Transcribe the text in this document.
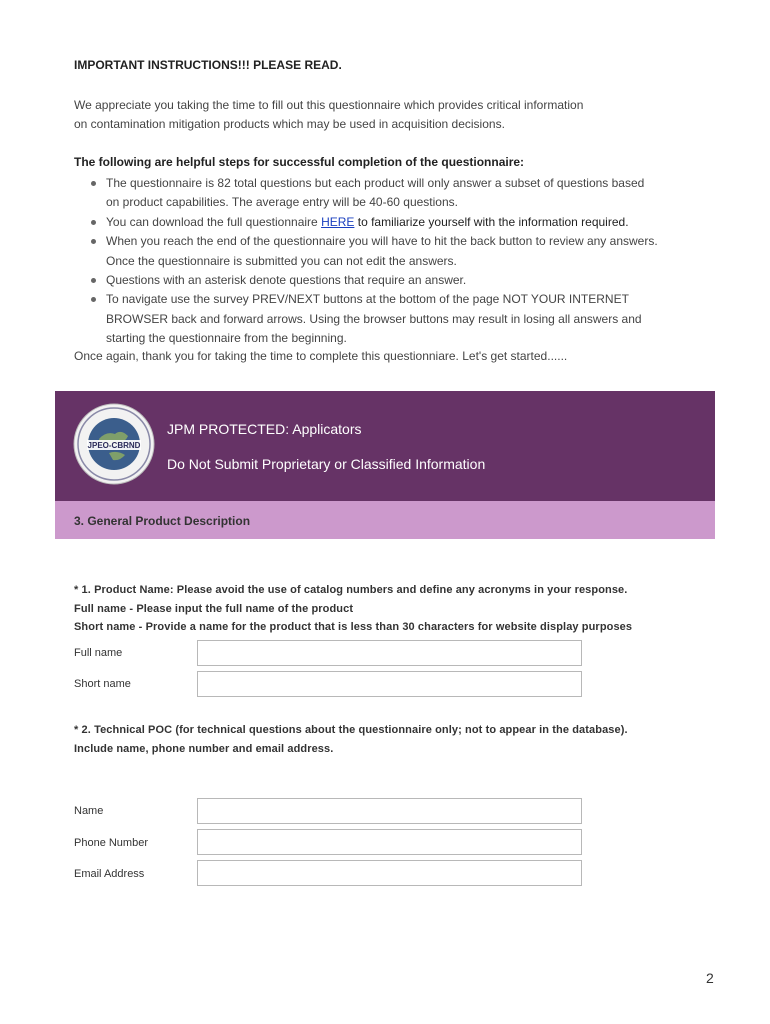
IMPORTANT INSTRUCTIONS!!! PLEASE READ.
We appreciate you taking the time to fill out this questionnaire which provides critical information
on contamination mitigation products which may be used in acquisition decisions.
The following are helpful steps for successful completion of the questionnaire:
The questionnaire is 82 total questions but each product will only answer a subset of questions based
on product capabilities. The average entry will be 40-60 questions.
You can download the full questionnaire HERE to familiarize yourself with the information required.
When you reach the end of the questionnaire you will have to hit the back button to review any answers.
Once the questionnaire is submitted you can not edit the answers.
Questions with an asterisk denote questions that require an answer.
To navigate use the survey PREV/NEXT buttons at the bottom of the page NOT YOUR INTERNET
BROWSER back and forward arrows. Using the browser buttons may result in losing all answers and
starting the questionnaire from the beginning.
Once again, thank you for taking the time to complete this questionniare. Let's get started......
JPEO-CBRND
JPM PROTECTED: Applicators
Do Not Submit Proprietary or Classified Information
3. General Product Description
* 1. Product Name: Please avoid the use of catalog numbers and define any acronyms in your response.
Full name - Please input the full name of the product
Short name - Provide a name for the product that is less than 30 characters for website display purposes
Full name
Short name
* 2. Technical POC (for technical questions about the questionnaire only; not to appear in the database).
Include name, phone number and email address.
Name
Phone Number
Email Address
2
